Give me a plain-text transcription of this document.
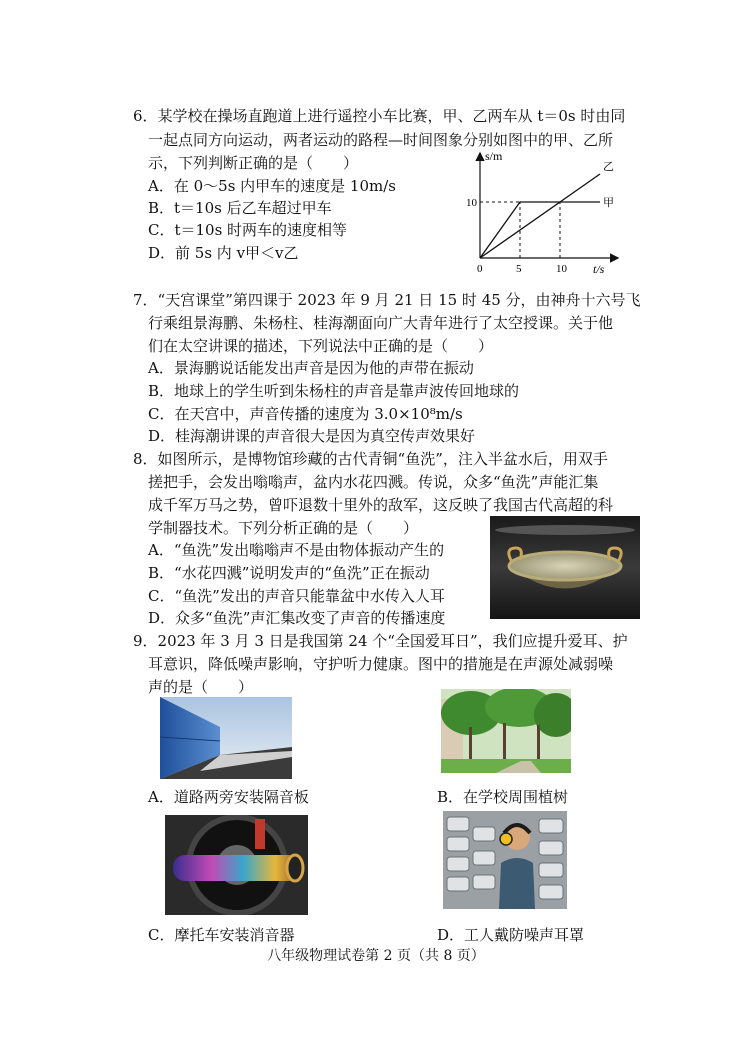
6．某学校在操场直跑道上进行遥控小车比赛，甲、乙两车从 t＝0s 时由同
一起点同方向运动，两者运动的路程—时间图象分别如图中的甲、乙所
示，下列判断正确的是（　　）
A．在 0～5s 内甲车的速度是 10m/s
B．t＝10s 后乙车超过甲车
C．t＝10s 时两车的速度相等
D．前 5s 内 v甲＜v乙
s/m
t/s
甲
乙
0	5	10
10
7．“天宫课堂”第四课于 2023 年 9 月 21 日 15 时 45 分，由神舟十六号飞
行乘组景海鹏、朱杨柱、桂海潮面向广大青年进行了太空授课。关于他
们在太空讲课的描述，下列说法中正确的是（　　）
A．景海鹏说话能发出声音是因为他的声带在振动
B．地球上的学生听到朱杨柱的声音是靠声波传回地球的
C．在天宫中，声音传播的速度为 3.0×10⁸m/s
D．桂海潮讲课的声音很大是因为真空传声效果好
8．如图所示，是博物馆珍藏的古代青铜“鱼洗”，注入半盆水后，用双手
搓把手，会发出嗡嗡声，盆内水花四溅。传说，众多“鱼洗”声能汇集
成千军万马之势，曾吓退数十里外的敌军，这反映了我国古代高超的科
学制器技术。下列分析正确的是（　　）
A．“鱼洗”发出嗡嗡声不是由物体振动产生的
B．“水花四溅”说明发声的“鱼洗”正在振动
C．“鱼洗”发出的声音只能靠盆中水传入人耳
D．众多“鱼洗”声汇集改变了声音的传播速度
9．2023 年 3 月 3 日是我国第 24 个“全国爱耳日”，我们应提升爱耳、护
耳意识，降低噪声影响，守护听力健康。图中的措施是在声源处减弱噪
声的是（　　）
A．道路两旁安装隔音板	B．在学校周围植树
C．摩托车安装消音器	D．工人戴防噪声耳罩
八年级物理试卷第 2 页（共 8 页）
